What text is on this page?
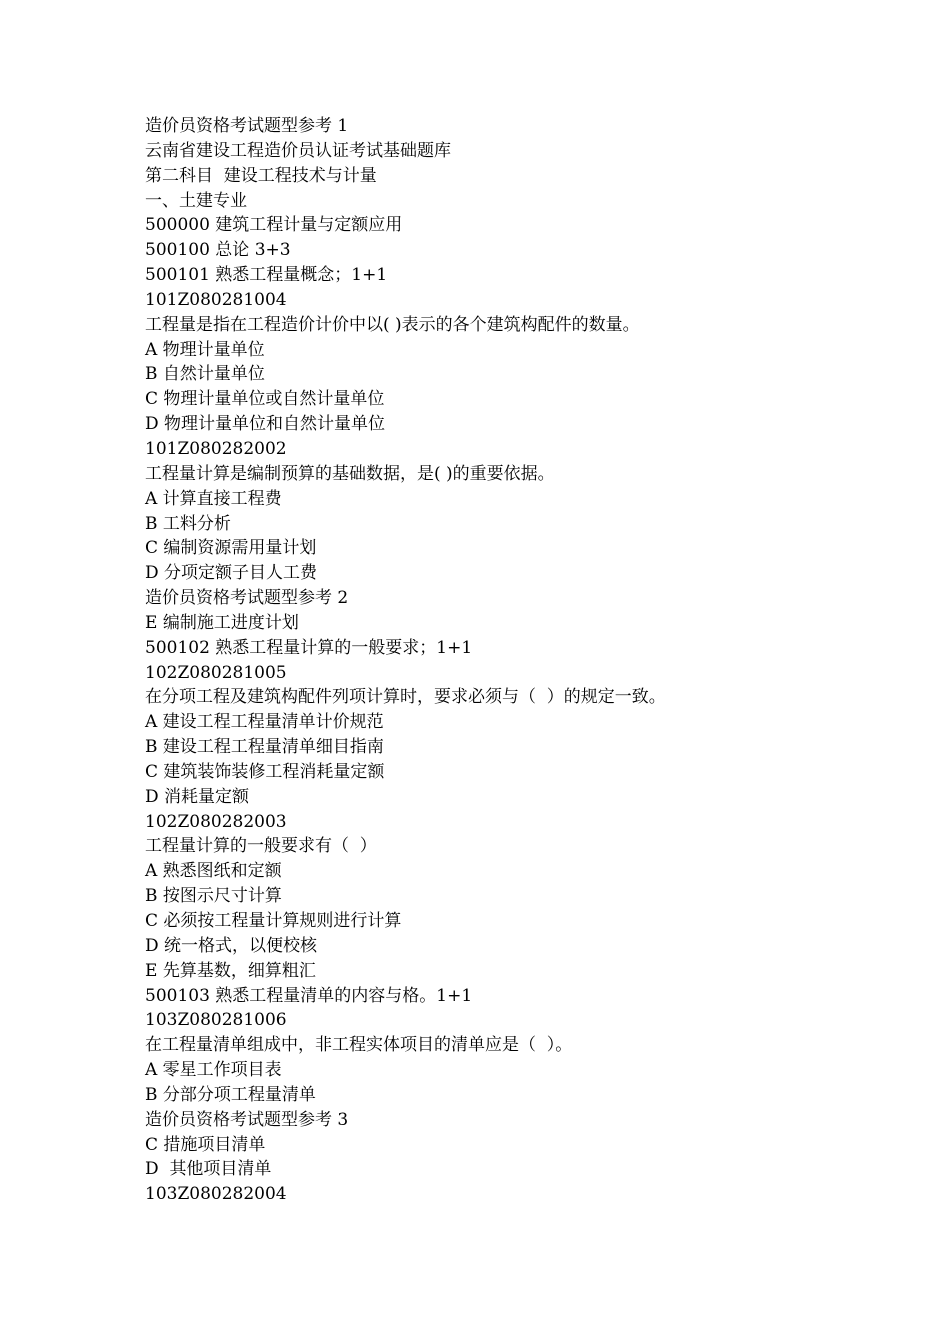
造价员资格考试题型参考 1
云南省建设工程造价员认证考试基础题库
第二科目  建设工程技术与计量
一、土建专业
500000 建筑工程计量与定额应用
500100 总论 3+3
500101 熟悉工程量概念；1+1
101Z080281004
工程量是指在工程造价计价中以( )表示的各个建筑构配件的数量。
A 物理计量单位
B 自然计量单位
C 物理计量单位或自然计量单位
D 物理计量单位和自然计量单位
101Z080282002
工程量计算是编制预算的基础数据，是( )的重要依据。
A 计算直接工程费
B 工料分析
C 编制资源需用量计划
D 分项定额子目人工费
造价员资格考试题型参考 2
E 编制施工进度计划
500102 熟悉工程量计算的一般要求；1+1
102Z080281005
在分项工程及建筑构配件列项计算时，要求必须与（  ）的规定一致。
A 建设工程工程量清单计价规范
B 建设工程工程量清单细目指南
C 建筑装饰装修工程消耗量定额
D 消耗量定额
102Z080282003
工程量计算的一般要求有（  ）
A 熟悉图纸和定额
B 按图示尺寸计算
C 必须按工程量计算规则进行计算
D 统一格式，以便校核
E 先算基数，细算粗汇
500103 熟悉工程量清单的内容与格。1+1
103Z080281006
在工程量清单组成中，非工程实体项目的清单应是（  ）。
A 零星工作项目表
B 分部分项工程量清单
造价员资格考试题型参考 3
C 措施项目清单
D  其他项目清单
103Z080282004
